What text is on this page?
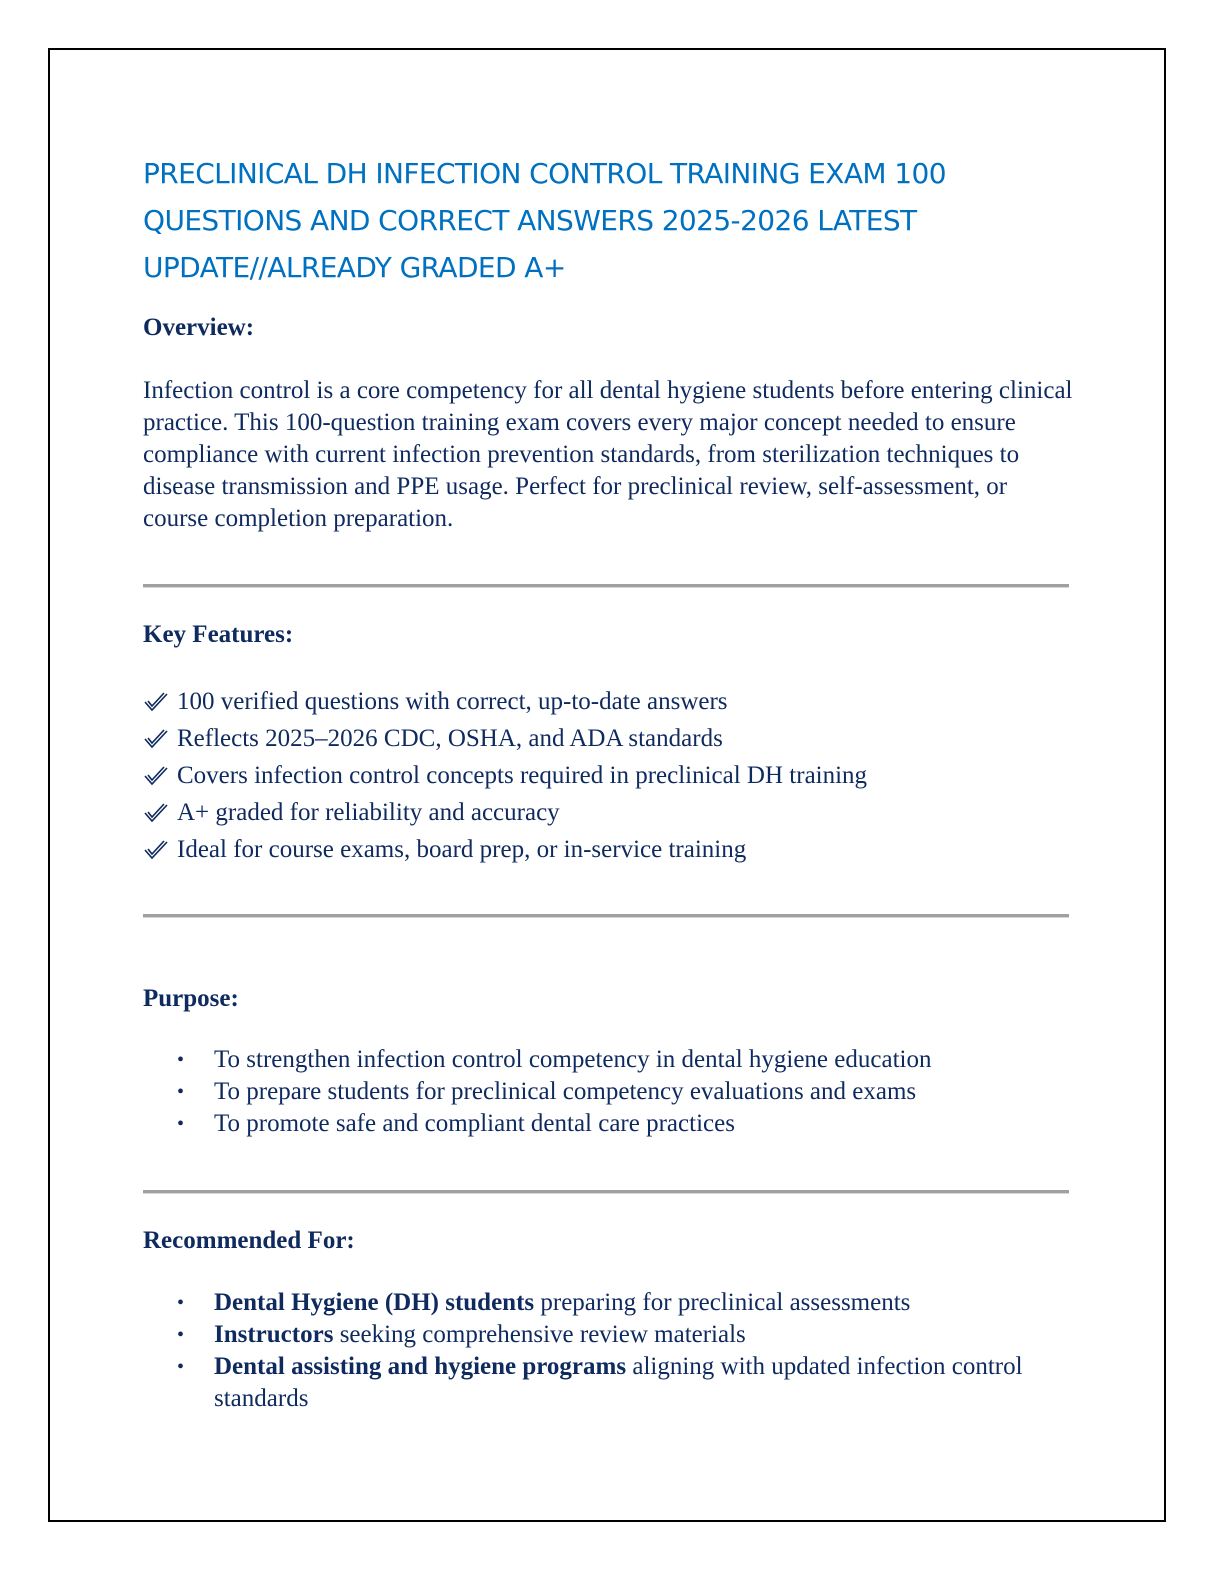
PRECLINICAL DH INFECTION CONTROL TRAINING EXAM 100 QUESTIONS AND CORRECT ANSWERS 2025-2026 LATEST UPDATE//ALREADY GRADED A+
Overview:
Infection control is a core competency for all dental hygiene students before entering clinical practice. This 100-question training exam covers every major concept needed to ensure compliance with current infection prevention standards, from sterilization techniques to disease transmission and PPE usage. Perfect for preclinical review, self-assessment, or course completion preparation.
Key Features:
100 verified questions with correct, up-to-date answers
Reflects 2025–2026 CDC, OSHA, and ADA standards
Covers infection control concepts required in preclinical DH training
A+ graded for reliability and accuracy
Ideal for course exams, board prep, or in-service training
Purpose:
• To strengthen infection control competency in dental hygiene education
• To prepare students for preclinical competency evaluations and exams
• To promote safe and compliant dental care practices
Recommended For:
• Dental Hygiene (DH) students preparing for preclinical assessments
• Instructors seeking comprehensive review materials
• Dental assisting and hygiene programs aligning with updated infection control standards
